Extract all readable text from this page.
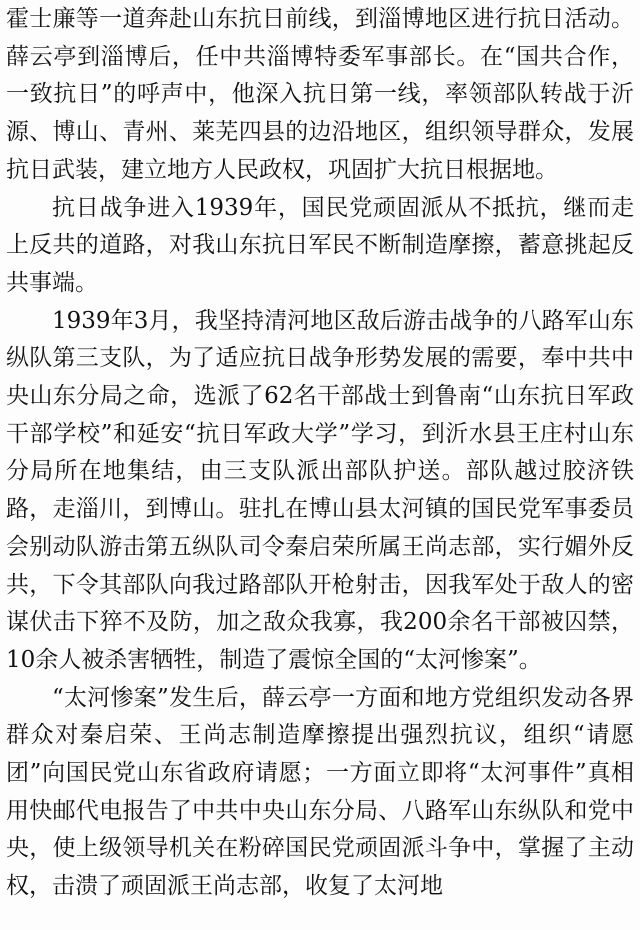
霍士廉等一道奔赴山东抗日前线，到淄博地区进行抗日活动。薛云亭到淄博后，任中共淄博特委军事部长。在“国共合作，一致抗日”的呼声中，他深入抗日第一线，率领部队转战于沂源、博山、青州、莱芜四县的边沿地区，组织领导群众，发展抗日武装，建立地方人民政权，巩固扩大抗日根据地。

抗日战争进入1939年，国民党顽固派从不抵抗，继而走上反共的道路，对我山东抗日军民不断制造摩擦，蓄意挑起反共事端。

1939年3月，我坚持清河地区敌后游击战争的八路军山东纵队第三支队，为了适应抗日战争形势发展的需要，奉中共中央山东分局之命，选派了62名干部战士到鲁南“山东抗日军政干部学校”和延安“抗日军政大学”学习，到沂水县王庄村山东分局所在地集结，由三支队派出部队护送。部队越过胶济铁路，走淄川，到博山。驻扎在博山县太河镇的国民党军事委员会别动队游击第五纵队司令秦启荣所属王尚志部，实行媚外反共，下令其部队向我过路部队开枪射击，因我军处于敌人的密谋伏击下猝不及防，加之敌众我寡，我200余名干部被囚禁，10余人被杀害牺牲，制造了震惊全国的“太河惨案”。

“太河惨案”发生后，薛云亭一方面和地方党组织发动各界群众对秦启荣、王尚志制造摩擦提出强烈抗议，组织“请愿团”向国民党山东省政府请愿；一方面立即将“太河事件”真相用快邮代电报告了中共中央山东分局、八路军山东纵队和党中央，使上级领导机关在粉碎国民党顽固派斗争中，掌握了主动权，击溃了顽固派王尚志部，收复了太河地
